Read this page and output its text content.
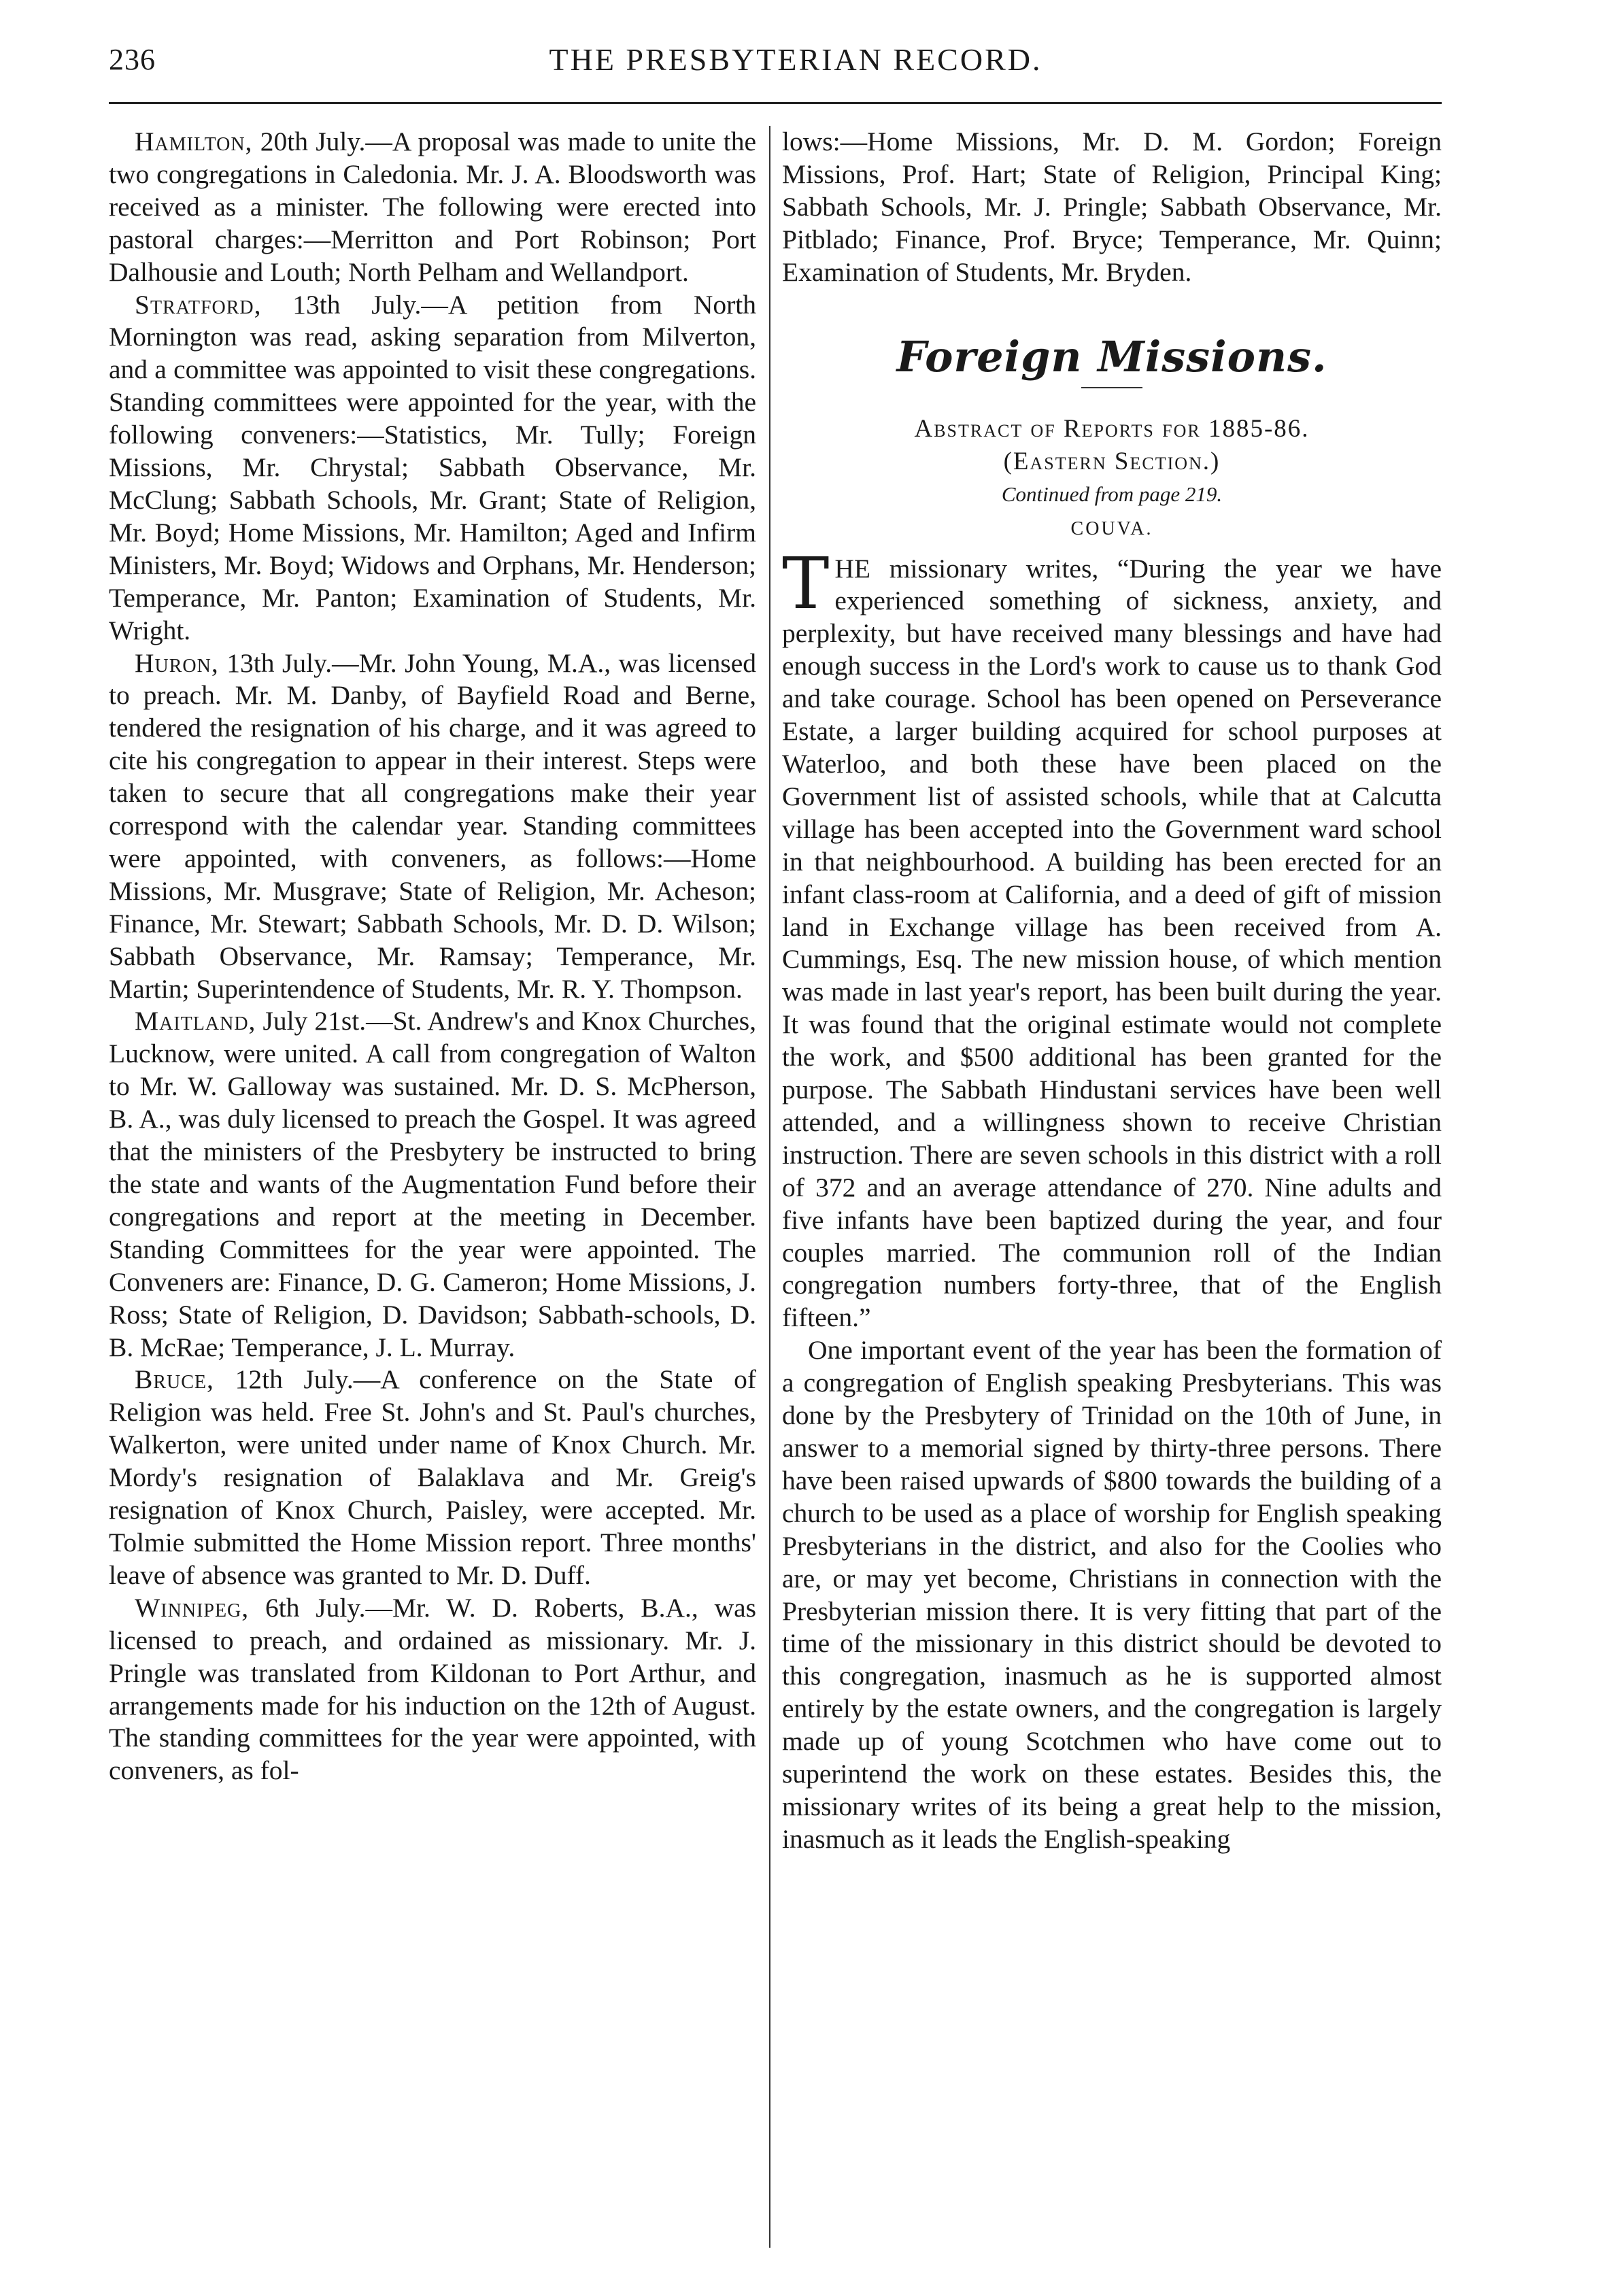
236	THE PRESBYTERIAN RECORD.

Hamilton, 20th July.—A proposal was made to unite the two congregations in Caledonia. Mr. J. A. Bloodsworth was received as a minister. The following were erected into pastoral charges:—Merritton and Port Robinson; Port Dalhousie and Louth; North Pelham and Wellandport.

Stratford, 13th July.—A petition from North Mornington was read, asking separation from Milverton, and a committee was appointed to visit these congregations. Standing committees were appointed for the year, with the following conveners:—Statistics, Mr. Tully; Foreign Missions, Mr. Chrystal; Sabbath Observance, Mr. McClung; Sabbath Schools, Mr. Grant; State of Religion, Mr. Boyd; Home Missions, Mr. Hamilton; Aged and Infirm Ministers, Mr. Boyd; Widows and Orphans, Mr. Henderson; Temperance, Mr. Panton; Examination of Students, Mr. Wright.

Huron, 13th July.—Mr. John Young, M.A., was licensed to preach. Mr. M. Danby, of Bayfield Road and Berne, tendered the resignation of his charge, and it was agreed to cite his congregation to appear in their interest. Steps were taken to secure that all congregations make their year correspond with the calendar year. Standing committees were appointed, with conveners, as follows:—Home Missions, Mr. Musgrave; State of Religion, Mr. Acheson; Finance, Mr. Stewart; Sabbath Schools, Mr. D. D. Wilson; Sabbath Observance, Mr. Ramsay; Temperance, Mr. Martin; Superintendence of Students, Mr. R. Y. Thompson.

Maitland, July 21st.—St. Andrew's and Knox Churches, Lucknow, were united. A call from congregation of Walton to Mr. W. Galloway was sustained. Mr. D. S. McPherson, B. A., was duly licensed to preach the Gospel. It was agreed that the ministers of the Presbytery be instructed to bring the state and wants of the Augmentation Fund before their congregations and report at the meeting in December. Standing Committees for the year were appointed. The Conveners are: Finance, D. G. Cameron; Home Missions, J. Ross; State of Religion, D. Davidson; Sabbath-schools, D. B. McRae; Temperance, J. L. Murray.

Bruce, 12th July.—A conference on the State of Religion was held. Free St. John's and St. Paul's churches, Walkerton, were united under name of Knox Church. Mr. Mordy's resignation of Balaklava and Mr. Greig's resignation of Knox Church, Paisley, were accepted. Mr. Tolmie submitted the Home Mission report. Three months' leave of absence was granted to Mr. D. Duff.

Winnipeg, 6th July.—Mr. W. D. Roberts, B.A., was licensed to preach, and ordained as missionary. Mr. J. Pringle was translated from Kildonan to Port Arthur, and arrangements made for his induction on the 12th of August. The standing committees for the year were appointed, with conveners, as fol-

lows:—Home Missions, Mr. D. M. Gordon; Foreign Missions, Prof. Hart; State of Religion, Principal King; Sabbath Schools, Mr. J. Pringle; Sabbath Observance, Mr. Pitblado; Finance, Prof. Bryce; Temperance, Mr. Quinn; Examination of Students, Mr. Bryden.

Foreign Missions.

Abstract of Reports for 1885-86.

(Eastern Section.)

Continued from page 219.

COUVA.

THE missionary writes, “During the year we have experienced something of sickness, anxiety, and perplexity, but have received many blessings and have had enough success in the Lord's work to cause us to thank God and take courage. School has been opened on Perseverance Estate, a larger building acquired for school purposes at Waterloo, and both these have been placed on the Government list of assisted schools, while that at Calcutta village has been accepted into the Government ward school in that neighbourhood. A building has been erected for an infant class-room at California, and a deed of gift of mission land in Exchange village has been received from A. Cummings, Esq. The new mission house, of which mention was made in last year's report, has been built during the year. It was found that the original estimate would not complete the work, and $500 additional has been granted for the purpose. The Sabbath Hindustani services have been well attended, and a willingness shown to receive Christian instruction. There are seven schools in this district with a roll of 372 and an average attendance of 270. Nine adults and five infants have been baptized during the year, and four couples married. The communion roll of the Indian congregation numbers forty-three, that of the English fifteen.”

One important event of the year has been the formation of a congregation of English speaking Presbyterians. This was done by the Presbytery of Trinidad on the 10th of June, in answer to a memorial signed by thirty-three persons. There have been raised upwards of $800 towards the building of a church to be used as a place of worship for English speaking Presbyterians in the district, and also for the Coolies who are, or may yet become, Christians in connection with the Presbyterian mission there. It is very fitting that part of the time of the missionary in this district should be devoted to this congregation, inasmuch as he is supported almost entirely by the estate owners, and the congregation is largely made up of young Scotchmen who have come out to superintend the work on these estates. Besides this, the missionary writes of its being a great help to the mission, inasmuch as it leads the English-speaking
